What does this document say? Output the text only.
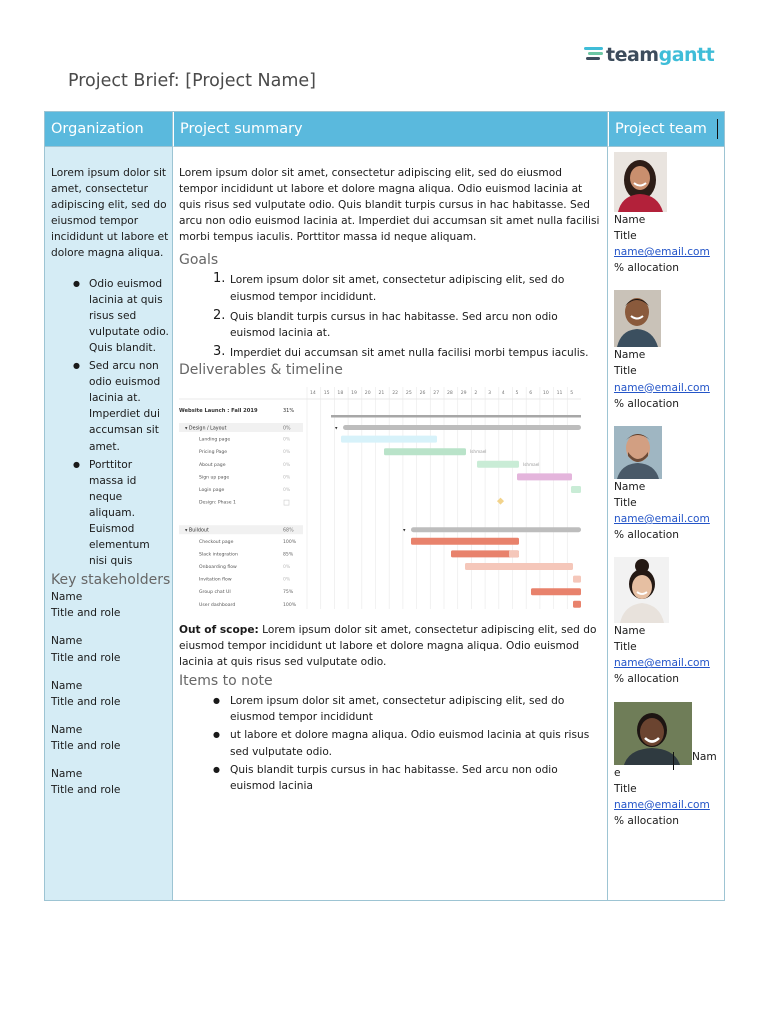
teamgantt
Project Brief: [Project Name]
Organization

Lorem ipsum dolor sit amet, consectetur adipiscing elit, sed do eiusmod tempor incididunt ut labore et dolore magna aliqua.

● Odio euismod lacinia at quis risus sed vulputate odio. Quis blandit.
● Sed arcu non odio euismod lacinia at. Imperdiet dui accumsan sit amet.
● Porttitor massa id neque aliquam. Euismod elementum nisi quis
Key stakeholders
Name
Title and role
Name
Title and role
Name
Title and role
Name
Title and role
Name
Title and role
Project summary

Lorem ipsum dolor sit amet, consectetur adipiscing elit, sed do eiusmod tempor incididunt ut labore et dolore magna aliqua. Odio euismod lacinia at quis risus sed vulputate odio. Quis blandit turpis cursus in hac habitasse. Sed arcu non odio euismod lacinia at. Imperdiet dui accumsan sit amet nulla facilisi morbi tempus iaculis. Porttitor massa id neque aliquam.

Goals
1. Lorem ipsum dolor sit amet, consectetur adipiscing elit, sed do eiusmod tempor incididunt.
2. Quis blandit turpis cursus in hac habitasse. Sed arcu non odio euismod lacinia at.
3. Imperdiet dui accumsan sit amet nulla facilisi morbi tempus iaculis.
Deliverables & timeline
14 15 18 19 20 21 22 25 26 27 28 29 2 3 4 5 6 10 11 5
Website Launch : Fall 2019	31%
▾ Design / Layout	0%	▾
Landing page	0%
Pricing Page	0%	Ishmael
About page	0%	Ishmael
Sign up page	0%
Login page	0%
Design: Phase 1
▾ Buildout	68%	▾
Checkout page	100%
Slack integration	85%
Onboarding flow	0%
Invitation flow	0%
Group chat UI	75%
User dashboard	100%

Out of scope: Lorem ipsum dolor sit amet, consectetur adipiscing elit, sed do eiusmod tempor incididunt ut labore et dolore magna aliqua. Odio euismod lacinia at quis risus sed vulputate odio.

Items to note
● Lorem ipsum dolor sit amet, consectetur adipiscing elit, sed do eiusmod tempor incididunt
● ut labore et dolore magna aliqua. Odio euismod lacinia at quis risus sed vulputate odio.
● Quis blandit turpis cursus in hac habitasse. Sed arcu non odio euismod lacinia
Project team
Name
Title
name@email.com
% allocation
Name
Title
name@email.com
% allocation
Name
Title
name@email.com
% allocation
Name
Title
name@email.com
% allocation
Name
Title
name@email.com
% allocation
